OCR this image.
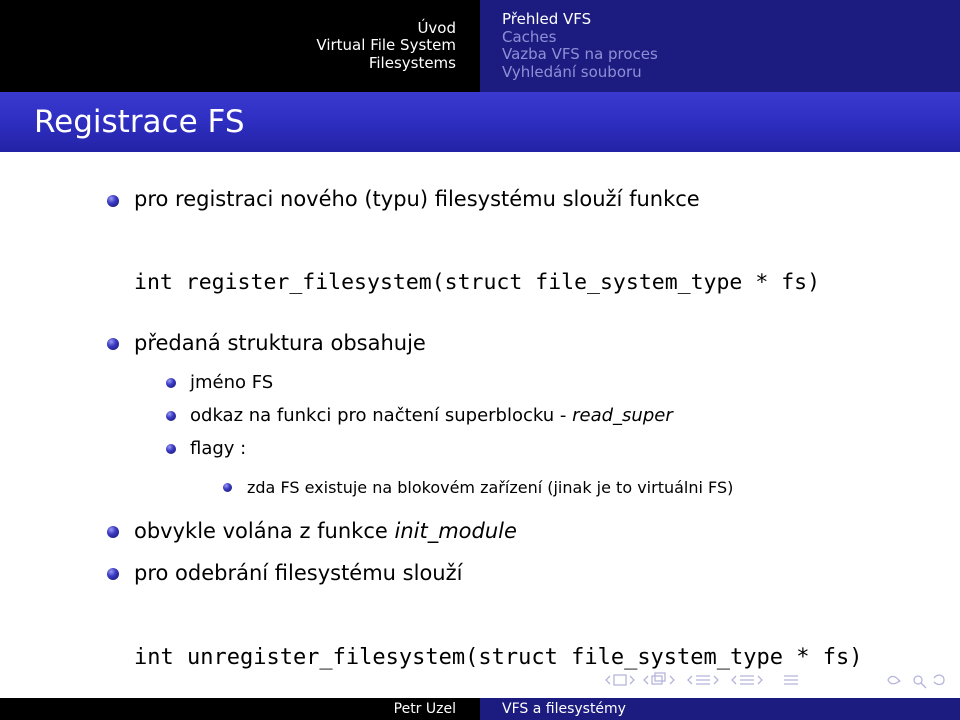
Úvod
Virtual File System
Filesystems
Přehled VFS
Caches
Vazba VFS na proces
Vyhledání souboru
Registrace FS
pro registraci nového (typu) filesystému slouží funkce
int register_filesystem(struct file_system_type * fs)
předaná struktura obsahuje
jméno FS
odkaz na funkci pro načtení superblocku - read_super
flagy :
zda FS existuje na blokovém zařízení (jinak je to virtuálni FS)
obvykle volána z funkce init_module
pro odebrání filesystému slouží
int unregister_filesystem(struct file_system_type * fs)
Petr Uzel	VFS a filesystémy
